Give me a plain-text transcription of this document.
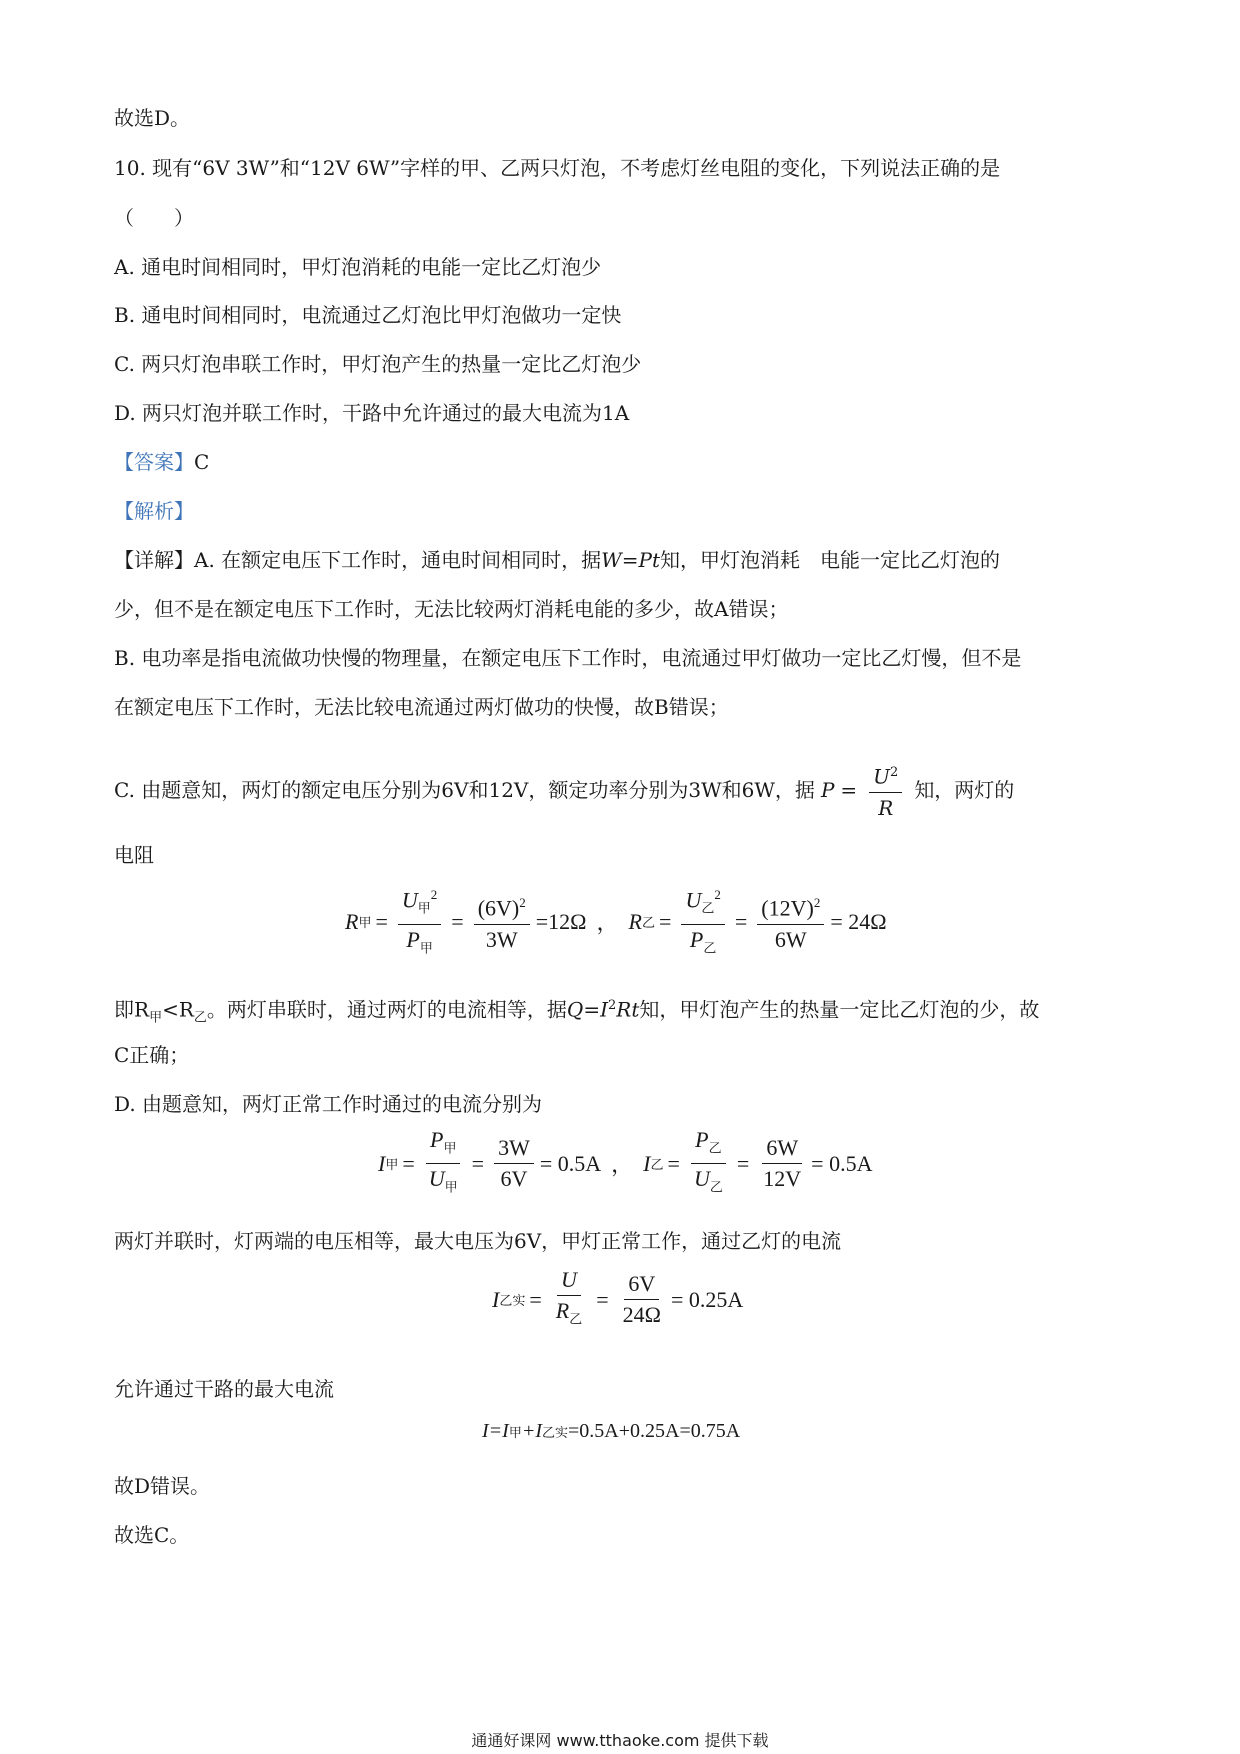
故选D。
10. 现有“6V 3W”和“12V 6W”字样的甲、乙两只灯泡，不考虑灯丝电阻的变化，下列说法正确的是
（　　）
A. 通电时间相同时，甲灯泡消耗的电能一定比乙灯泡少
B. 通电时间相同时，电流通过乙灯泡比甲灯泡做功一定快
C. 两只灯泡串联工作时，甲灯泡产生的热量一定比乙灯泡少
D. 两只灯泡并联工作时，干路中允许通过的最大电流为1A
【答案】C
【解析】
【详解】A. 在额定电压下工作时，通电时间相同时，据W=Pt知，甲灯泡消耗　电能一定比乙灯泡的
少，但不是在额定电压下工作时，无法比较两灯消耗电能的多少，故A错误；
B. 电功率是指电流做功快慢的物理量，在额定电压下工作时，电流通过甲灯做功一定比乙灯慢，但不是
在额定电压下工作时，无法比较电流通过两灯做功的快慢，故B错误；
C. 由题意知，两灯的额定电压分别为6V和12V，额定功率分别为3W和6W，据 $P = \frac{U^2}{R}$ 知，两灯的
电阻
R 甲 = $\frac{U_甲^2}{P_甲} = \frac{(6V)^2}{3W} =12\Omega$ ， R 乙 = $\frac{U_乙^2}{P_乙} = \frac{(12V)^2}{6W} = 24\Omega$
即$R_甲<R_乙$。两灯串联时，通过两灯的电流相等，据$Q=I^2Rt$知，甲灯泡产生的热量一定比乙灯泡的少，故
C正确；
D. 由题意知，两灯正常工作时通过的电流分别为
I 甲 = $\frac{P_甲}{U_甲} = \frac{3W}{6V} = 0.5A$ ， I 乙 = $\frac{P_乙}{U_乙} = \frac{6W}{12V} = 0.5A$
两灯并联时，灯两端的电压相等，最大电压为6V，甲灯正常工作，通过乙灯的电流
I 乙实 = $\frac{U}{R_乙} = \frac{6V}{24\Omega} = 0.25A$
允许通过干路的最大电流
I=I 甲 +I 乙实 =0.5A+0.25A=0.75A
故D错误。
故选C。
通通好课网 www.tthaoke.com 提供下载
